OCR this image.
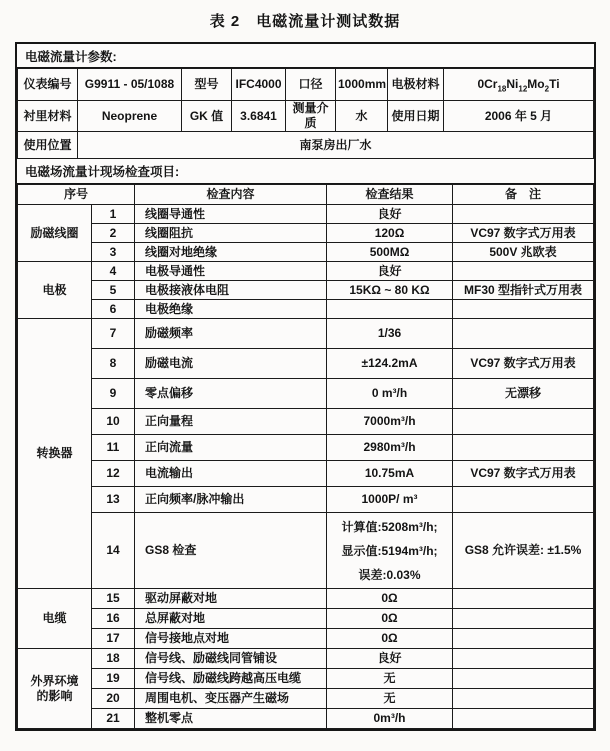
表 2　电磁流量计测试数据
电磁流量计参数:
仪表编号	G9911 - 05/1088	型号	IFC4000	口径	1000mm	电极材料	$0Cr_{18}Ni_{12}Mo_2Ti$
衬里材料	Neoprene	GK 值	3.6841	测量介质	水	使用日期	2006 年 5 月
使用位置	南泵房出厂水						
电磁场流量计现场检查项目:
序号		检查内容	检查结果	备　注
励磁线圈	1	线圈导通性	良好	
	2	线圈阻抗	120Ω	VC97 数字式万用表
	3	线圈对地绝缘	500MΩ	500V 兆欧表
电极	4	电极导通性	良好	
	5	电极接液体电阻	15KΩ ~ 80 KΩ	MF30 型指针式万用表
	6	电极绝缘		
转换器	7	励磁频率	1/36	
	8	励磁电流	±124.2mA	VC97 数字式万用表
	9	零点偏移	0 m³/h	无漂移
	10	正向量程	7000m³/h	
	11	正向流量	2980m³/h	
	12	电流输出	10.75mA	VC97 数字式万用表
	13	正向频率/脉冲输出	1000P/ m³	
	14	GS8 检查	计算值:5208m³/h;
显示值:5194m³/h;
误差:0.03%	GS8 允许误差: ±1.5%
电缆	15	驱动屏蔽对地	0Ω	
	16	总屏蔽对地	0Ω	
	17	信号接地点对地	0Ω	

外界环境
的影响	18	信号线、励磁线同管铺设	良好	
	19	信号线、励磁线跨越高压电缆	无	
	20	周围电机、变压器产生磁场	无	
	21	整机零点	0m³/h	
